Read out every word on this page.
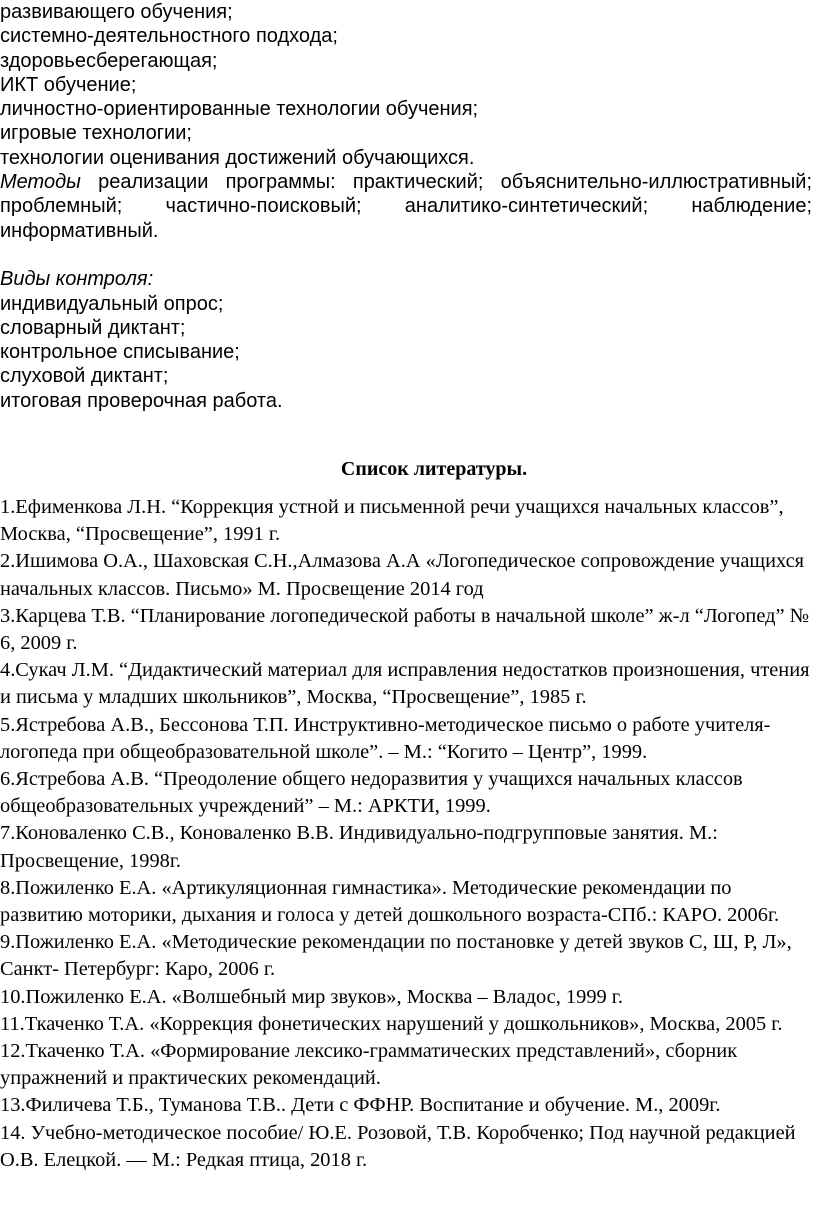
развивающего обучения;

системно-деятельностного подхода;

здоровьесберегающая;

ИКТ обучение;

личностно-ориентированные технологии обучения;

игровые технологии;

технологии оценивания достижений обучающихся.

Методы реализации программы: практический; объяснительно-иллюстративный; проблемный; частично-поисковый; аналитико-синтетический; наблюдение; информативный.

Виды контроля:

индивидуальный опрос;

словарный диктант;

контрольное списывание;

слуховой диктант;

итоговая проверочная работа.

Список литературы.

1.Ефименкова Л.Н. “Коррекция устной и письменной речи учащихся начальных классов”, Москва, “Просвещение”, 1991 г.

2.Ишимова О.А., Шаховская С.Н.,Алмазова А.А «Логопедическое сопровождение учащихся начальных классов. Письмо» М. Просвещение 2014 год

3.Карцева Т.В. “Планирование логопедической работы в начальной школе” ж-л “Логопед” № 6, 2009 г.

4.Сукач Л.М. “Дидактический материал для исправления недостатков произношения, чтения и письма у младших школьников”, Москва, “Просвещение”, 1985 г.

5.Ястребова А.В., Бессонова Т.П. Инструктивно-методическое письмо о работе учителя-логопеда при общеобразовательной школе”. – М.: “Когито – Центр”, 1999.

6.Ястребова А.В. “Преодоление общего недоразвития у учащихся начальных классов общеобразовательных учреждений” – М.: АРКТИ, 1999.

7.Коноваленко С.В., Коноваленко В.В. Индивидуально-подгрупповые занятия. М.: Просвещение, 1998г.

8.Пожиленко Е.А. «Артикуляционная гимнастика». Методические рекомендации по развитию моторики, дыхания и голоса у детей дошкольного возраста-СПб.: КАРО. 2006г.

9.Пожиленко Е.А. «Методические рекомендации по постановке у детей звуков С, Ш, Р, Л», Санкт- Петербург: Каро, 2006 г.

10.Пожиленко Е.А. «Волшебный мир звуков», Москва – Владос, 1999 г.

11.Ткаченко Т.А. «Коррекция фонетических нарушений у дошкольников», Москва, 2005 г.

12.Ткаченко Т.А. «Формирование лексико-грамматических представлений», сборник упражнений и практических рекомендаций.

13.Филичева Т.Б., Туманова Т.В.. Дети с ФФНР. Воспитание и обучение. М., 2009г.

14. Учебно-методическое пособие/ Ю.Е. Розовой, Т.В. Коробченко; Под научной редакцией О.В. Елецкой. — М.: Редкая птица, 2018 г.
